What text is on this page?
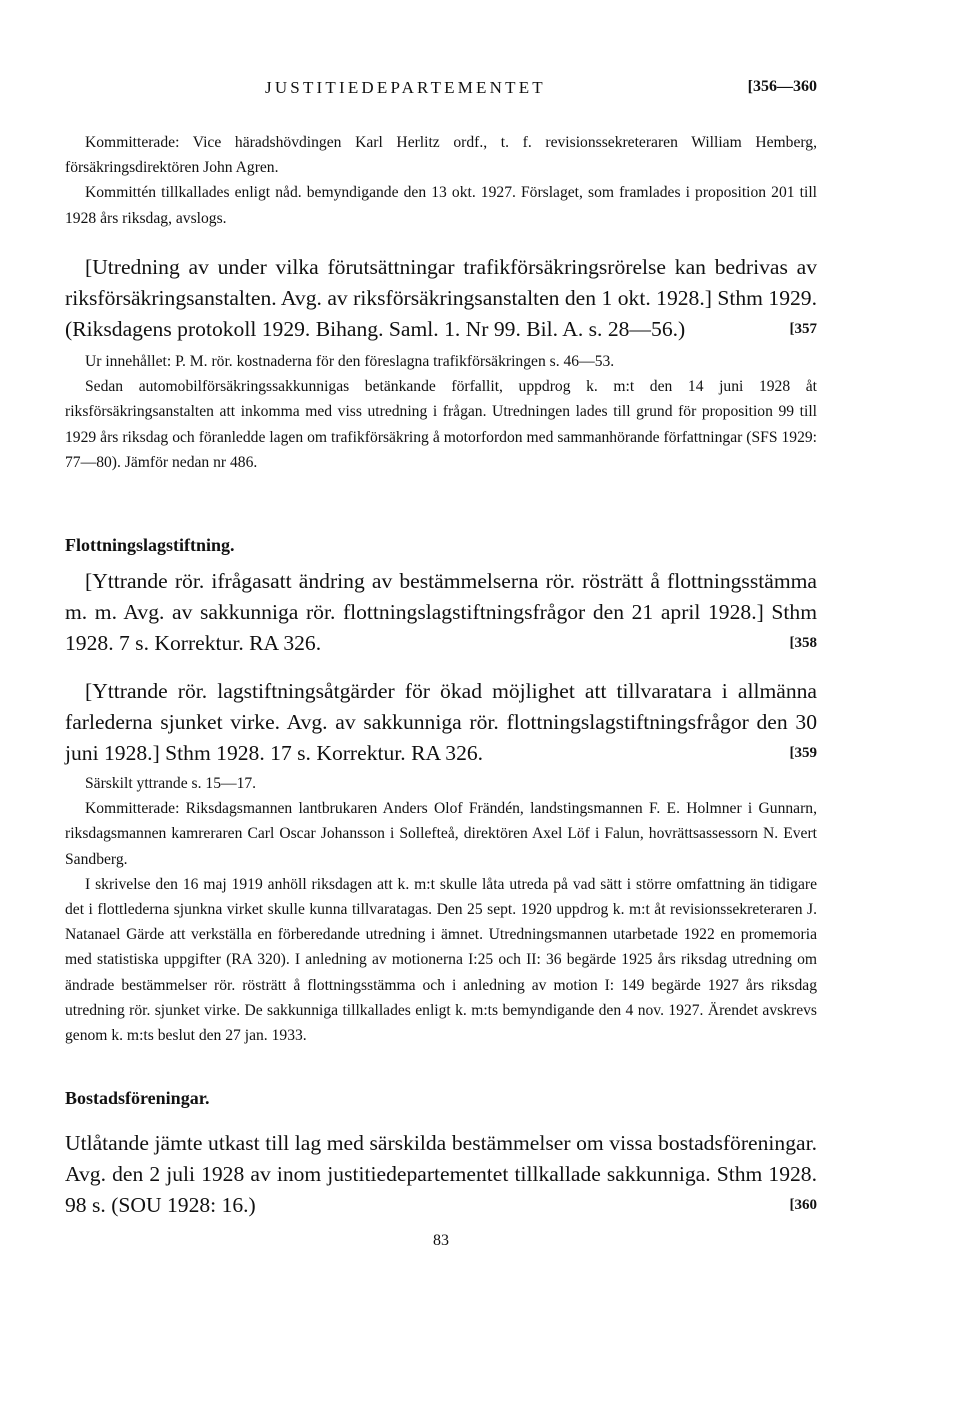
JUSTITIEDEPARTEMENTET	[356—360

Kommitterade: Vice häradshövdingen Karl Herlitz ordf., t. f. revisionssekreteraren William Hemberg, försäkringsdirektören John Agren.

Kommittén tillkallades enligt nåd. bemyndigande den 13 okt. 1927. Förslaget, som framlades i proposition 201 till 1928 års riksdag, avslogs.

[Utredning av under vilka förutsättningar trafikförsäkringsrörelse kan bedrivas av riksförsäkringsanstalten. Avg. av riksförsäkringsanstalten den 1 okt. 1928.] Sthm 1929. (Riksdagens protokoll 1929. Bihang. Saml. 1. Nr 99. Bil. A. s. 28—56.)	[357

Ur innehållet: P. M. rör. kostnaderna för den föreslagna trafikförsäkringen s. 46—53.

Sedan automobilförsäkringssakkunnigas betänkande förfallit, uppdrog k. m:t den 14 juni 1928 åt riksförsäkringsanstalten att inkomma med viss utredning i frågan. Utredningen lades till grund för proposition 99 till 1929 års riksdag och föranledde lagen om trafikförsäkring å motorfordon med sammanhörande författningar (SFS 1929: 77—80). Jämför nedan nr 486.

Flottningslagstiftning.

[Yttrande rör. ifrågasatt ändring av bestämmelserna rör. rösträtt å flottningsstämma m. m. Avg. av sakkunniga rör. flottningslagstiftningsfrågor den 21 april 1928.] Sthm 1928. 7 s. Korrektur. RA 326.	[358

[Yttrande rör. lagstiftningsåtgärder för ökad möjlighet att tillvaratага i allmänna farlederna sjunket virke. Avg. av sakkunniga rör. flottningslagstiftningsfrågor den 30 juni 1928.] Sthm 1928. 17 s. Korrektur. RA 326.	[359

Särskilt yttrande s. 15—17.

Kommitterade: Riksdagsmannen lantbrukaren Anders Olof Frändén, landstingsmannen F. E. Holmner i Gunnarn, riksdagsmannen kamreraren Carl Oscar Johansson i Sollefteå, direktören Axel Löf i Falun, hovrättsassessorn N. Evert Sandberg.

I skrivelse den 16 maj 1919 anhöll riksdagen att k. m:t skulle låta utreda på vad sätt i större omfattning än tidigare det i flottlederna sjunkna virket skulle kunna tillvaratagas. Den 25 sept. 1920 uppdrog k. m:t åt revisionssekreteraren J. Natanael Gärde att verkställa en förberedande utredning i ämnet. Utredningsmannen utarbetade 1922 en promemoria med statistiska uppgifter (RA 320). I anledning av motionerna I:25 och II: 36 begärde 1925 års riksdag utredning om ändrade bestämmelser rör. rösträtt å flottningsstämma och i anledning av motion I: 149 begärde 1927 års riksdag utredning rör. sjunket virke. De sakkunniga tillkallades enligt k. m:ts bemyndigande den 4 nov. 1927. Ärendet avskrevs genom k. m:ts beslut den 27 jan. 1933.

Bostadsföreningar.

Utlåtande jämte utkast till lag med särskilda bestämmelser om vissa bostadsföreningar. Avg. den 2 juli 1928 av inom justitiedepartementet tillkallade sakkunniga. Sthm 1928. 98 s. (SOU 1928: 16.)	[360

83
